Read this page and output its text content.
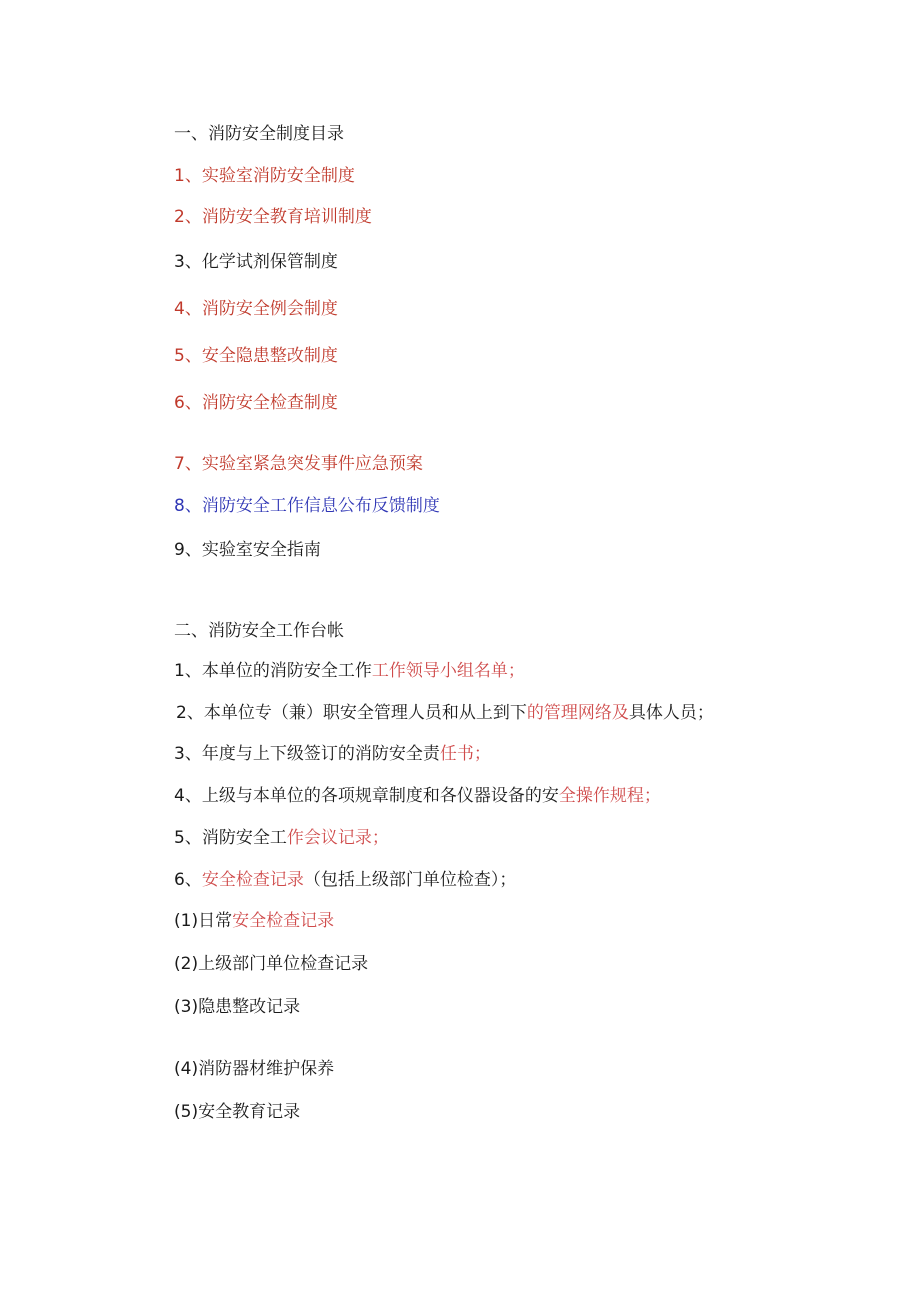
一、消防安全制度目录
1、实验室消防安全制度
2、消防安全教育培训制度
3、化学试剂保管制度
4、消防安全例会制度
5、安全隐患整改制度
6、消防安全检查制度
7、实验室紧急突发事件应急预案
8、消防安全工作信息公布反馈制度
9、实验室安全指南
二、消防安全工作台帐
1、本单位的消防安全工作工作领导小组名单；
2、本单位专（兼）职安全管理人员和从上到下的管理网络及具体人员；
3、年度与上下级签订的消防安全责任书；
4、上级与本单位的各项规章制度和各仪器设备的安全操作规程；
5、消防安全工作会议记录；
6、安全检查记录（包括上级部门单位检查）；
(1)日常安全检查记录
(2)上级部门单位检查记录
(3)隐患整改记录
(4)消防器材维护保养
(5)安全教育记录
